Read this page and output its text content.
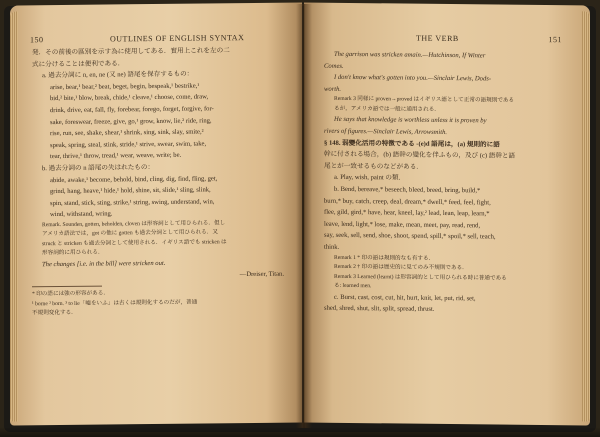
150	OUTLINES OF ENGLISH SYNTAX
発．その前後の區別を示す為に使用してある．實用上これを左の二
式に分けることは便利である．
a. 過去分詞に n, en, ne (又 ne) 語尾を保存するもの：
arise, bear,¹ bear,² beat, beget, begin, bespeak,¹ bestrike,¹
bid,² bite,¹ blow, break, chide,¹ cleave,¹ choose, come, draw,
drink, drive, eat, fall, fly, forebear, forego, forget, forgive, for-
sake, foreswear, freeze, give, go,¹ grow, know, lie,² ride, ring,
rise, run, see, shake, shear,¹ shrink, sing, sink, slay, smite,²
speak, spring, steal, stink, stride,¹ strive, swear, swim, take,
tear, thrive,¹ throw, tread,¹ wear, weave, write; be.
b. 過去分詞の n 語尾の失はれたもの：
abide, awake,¹ become, behold, bind, cling, dig, find, fling, get,
grind, hang, heave,¹ hide,¹ hold, shine, sit, slide,¹ sling, slink,
spin, stand, stick, sting, strike,¹ string, swing, understand, win,
wind, withstand, wring.
Remark. Sounden, gotten, beholden, cloven は形容詞として用ひられる．但し
アメリカ語法では，got の他に gotten も過去分詞として用ひられる．又
struck と stricken も過去分詞として使用される．イギリス語でも stricken は
形容詞的に用ひられる．
The changes [i.e. in the bill] were stricken out.
—Dreiser, Titan.
* 印の語には強の形容がある．
¹ borne ² born. ³ to lie「嘘をいふ」は古くは規則化するのだが，普通
不規則変化する．
THE VERB	151
The garrison was stricken amain.—Hutchinson, If Winter
Comes.
I don't know what's gotten into you.—Sinclair Lewis, Dods-
worth.
Remark 3 同様に proven→proved はイギリス語として正常の語規則である
るが，アメリカ語では一般に通用される．
He says that knowledge is worthless unless it is proven by
rivers of figures.—Sinclair Lewis, Arrowsmith.
§ 148. 弱變化活用の特徴である -(e)d 語尾は，(a) 規則的に語
幹に付される場合，(b) 語幹の變化を伴ふもの，及び (c) 語幹と語
尾とが一致せるものなどがある．
a. Play, wish, paint の類.
b. Bend, bereave,* beseech, bleed, breed, bring, build,*
burn,* buy, catch, creep, deal, dream,* dwell,* feed, feel, fight,
flee, gild, gird,* have, hear, kneel, lay,² lead, lean, leap, learn,*
leave, lend, light,* lose, make, mean, meet, pay, read, rend,
say, seek, sell, send, shoe, shoot, spend, spill,* spoil,* sell, teach,
think.
Remark 1 * 印の語は規則的なも有する．
Remark 2 † 印の語は歴史的に見てのみ不規則である．
Remark 3 Learned (learnt) は形容詞的として用ひられる時に普通である
る: learned men.
c. Burst, cast, cost, cut, hit, hurt, knit, let, put, rid, set,
shed, shred, shut, slit, split, spread, thrust.
